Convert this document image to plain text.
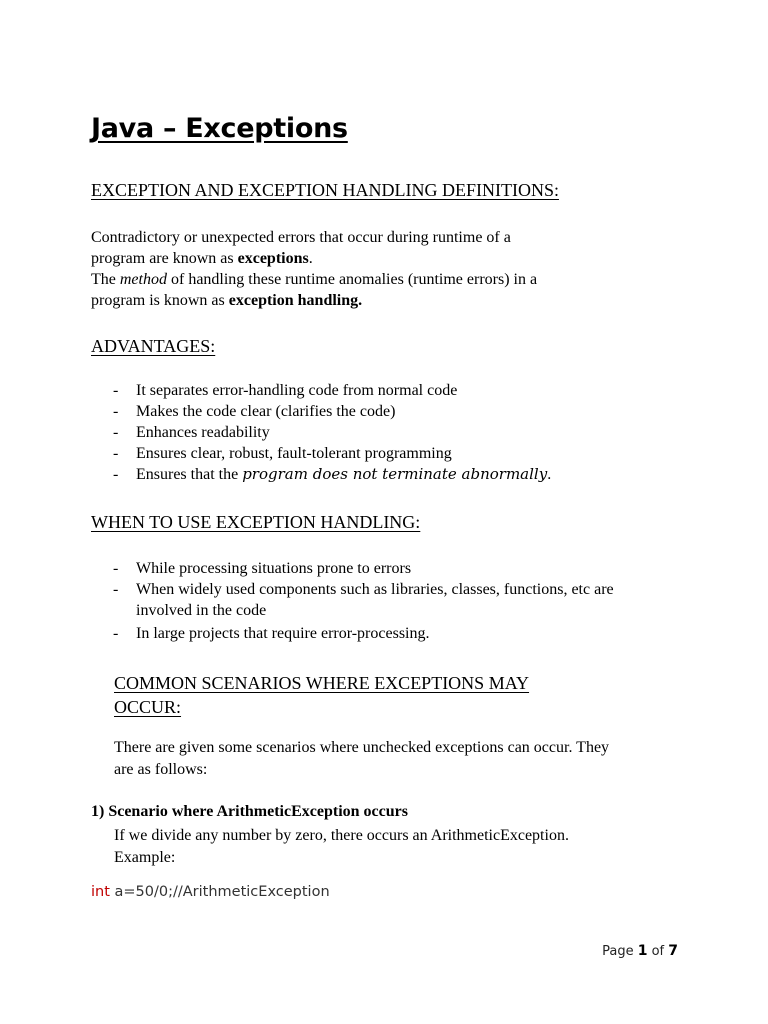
Java – Exceptions
EXCEPTION AND EXCEPTION HANDLING DEFINITIONS:
Contradictory or unexpected errors that occur during runtime of a
program are known as exceptions.
The method of handling these runtime anomalies (runtime errors) in a
program is known as exception handling.
ADVANTAGES:
- It separates error-handling code from normal code
- Makes the code clear (clarifies the code)
- Enhances readability
- Ensures clear, robust, fault-tolerant programming
- Ensures that the program does not terminate abnormally.
WHEN TO USE EXCEPTION HANDLING:
- While processing situations prone to errors
- When widely used components such as libraries, classes, functions, etc are
involved in the code
- In large projects that require error-processing.
COMMON SCENARIOS WHERE EXCEPTIONS MAY
OCCUR:
There are given some scenarios where unchecked exceptions can occur. They
are as follows:
1) Scenario where ArithmeticException occurs
If we divide any number by zero, there occurs an ArithmeticException.
Example:
int a=50/0;//ArithmeticException
Page 1 of 7
